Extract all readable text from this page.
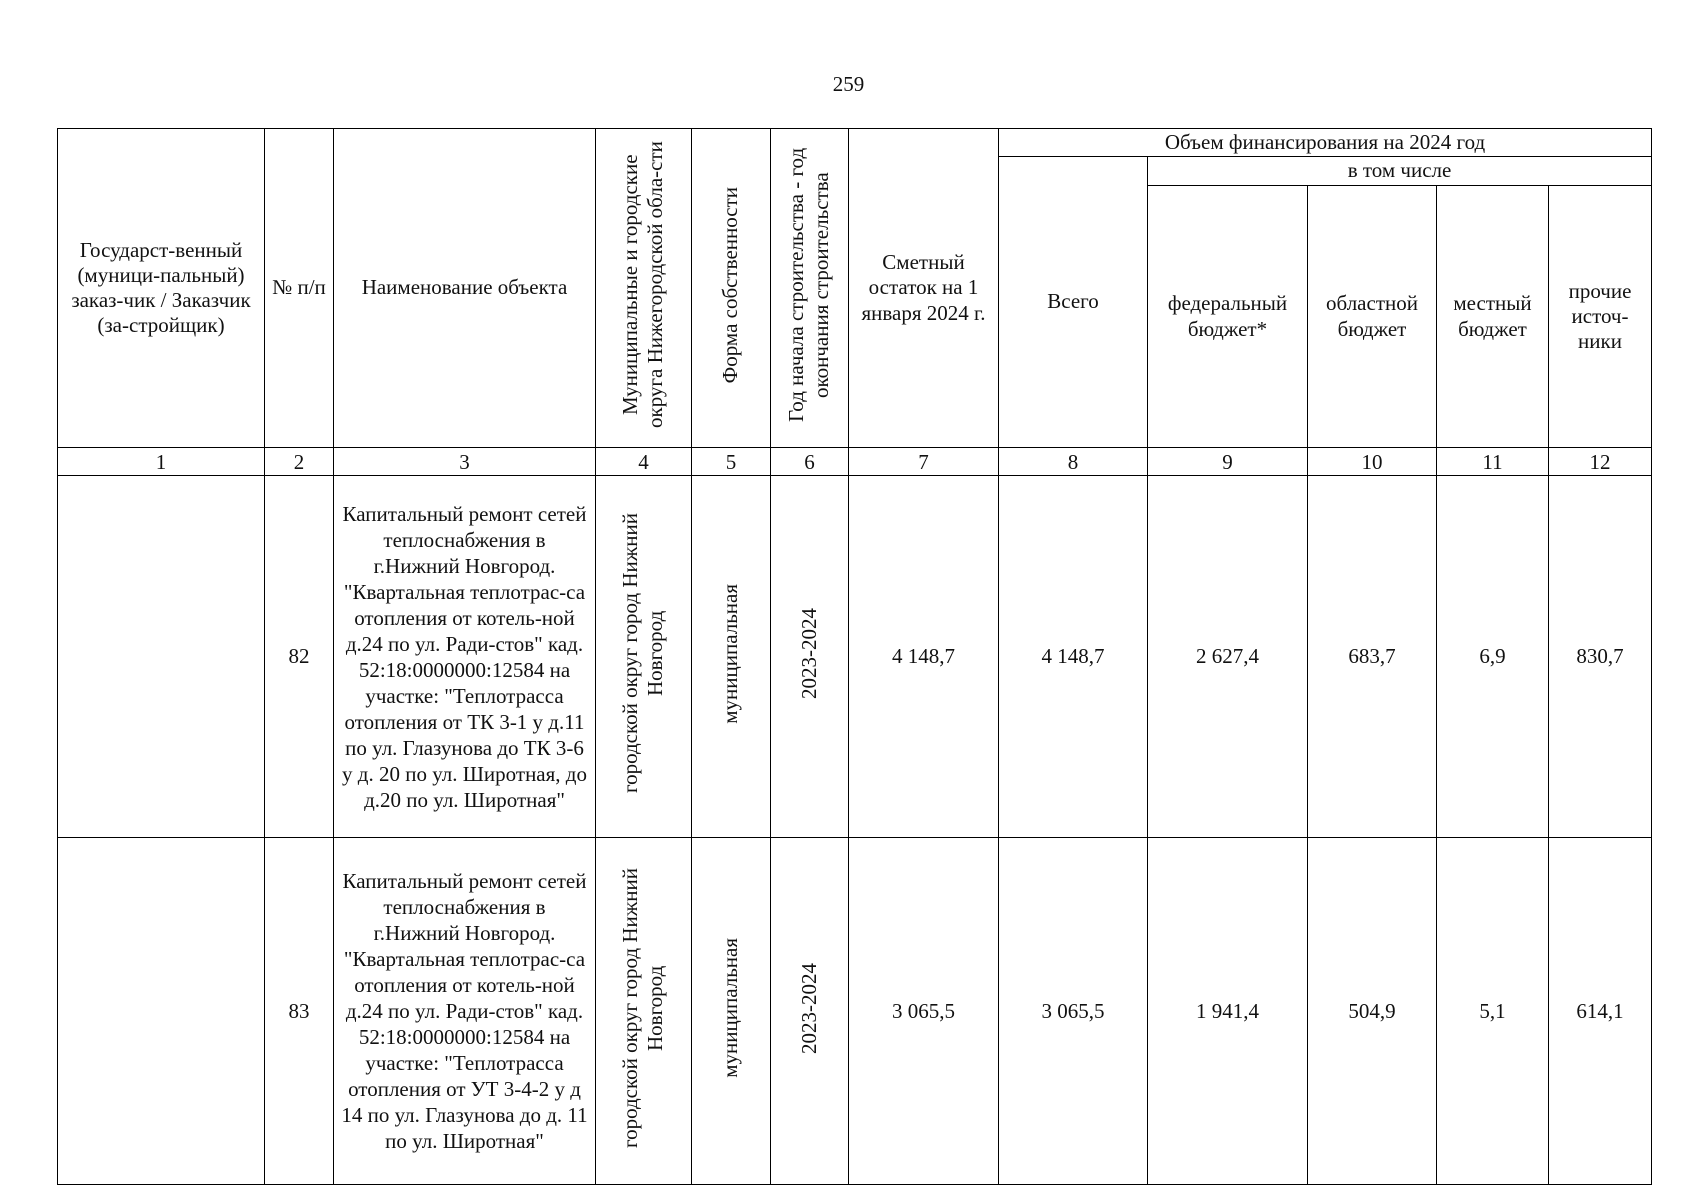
259
Государст-венный (муници-пальный) заказ-чик / Заказчик (за-стройщик)	№ п/п	Наименование объекта	Муниципальные и городские округа Нижегородской обла-сти	Форма собственности	Год начала строительства - год окончания строительства	Сметный остаток на 1 января 2024 г.	Объем финансирования на 2024 год				
							Всего	в том числе			
								федеральный бюджет*	областной бюджет	местный бюджет	прочие источ-ники
1	2	3	4	5	6	7	8	9	10	11	12
	82	Капитальный ремонт сетей теплоснабжения в г.Нижний Новгород. "Квартальная теплотрас-са отопления от котель-ной д.24 по ул. Ради-стов" кад. 52:18:0000000:12584 на участке: "Теплотрасса отопления от ТК 3-1 у д.11 по ул. Глазунова до ТК 3-6 у д. 20 по ул. Широтная, до д.20 по ул. Широтная"	городской округ город Нижний Новгород	муниципальная	2023-2024	4 148,7	4 148,7	2 627,4	683,7	6,9	830,7
	83	Капитальный ремонт сетей теплоснабжения в г.Нижний Новгород. "Квартальная теплотрас-са отопления от котель-ной д.24 по ул. Ради-стов" кад. 52:18:0000000:12584 на участке: "Теплотрасса отопления от УТ 3-4-2 у д 14 по ул. Глазунова до д. 11 по ул. Широтная"	городской округ город Нижний Новгород	муниципальная	2023-2024	3 065,5	3 065,5	1 941,4	504,9	5,1	614,1
